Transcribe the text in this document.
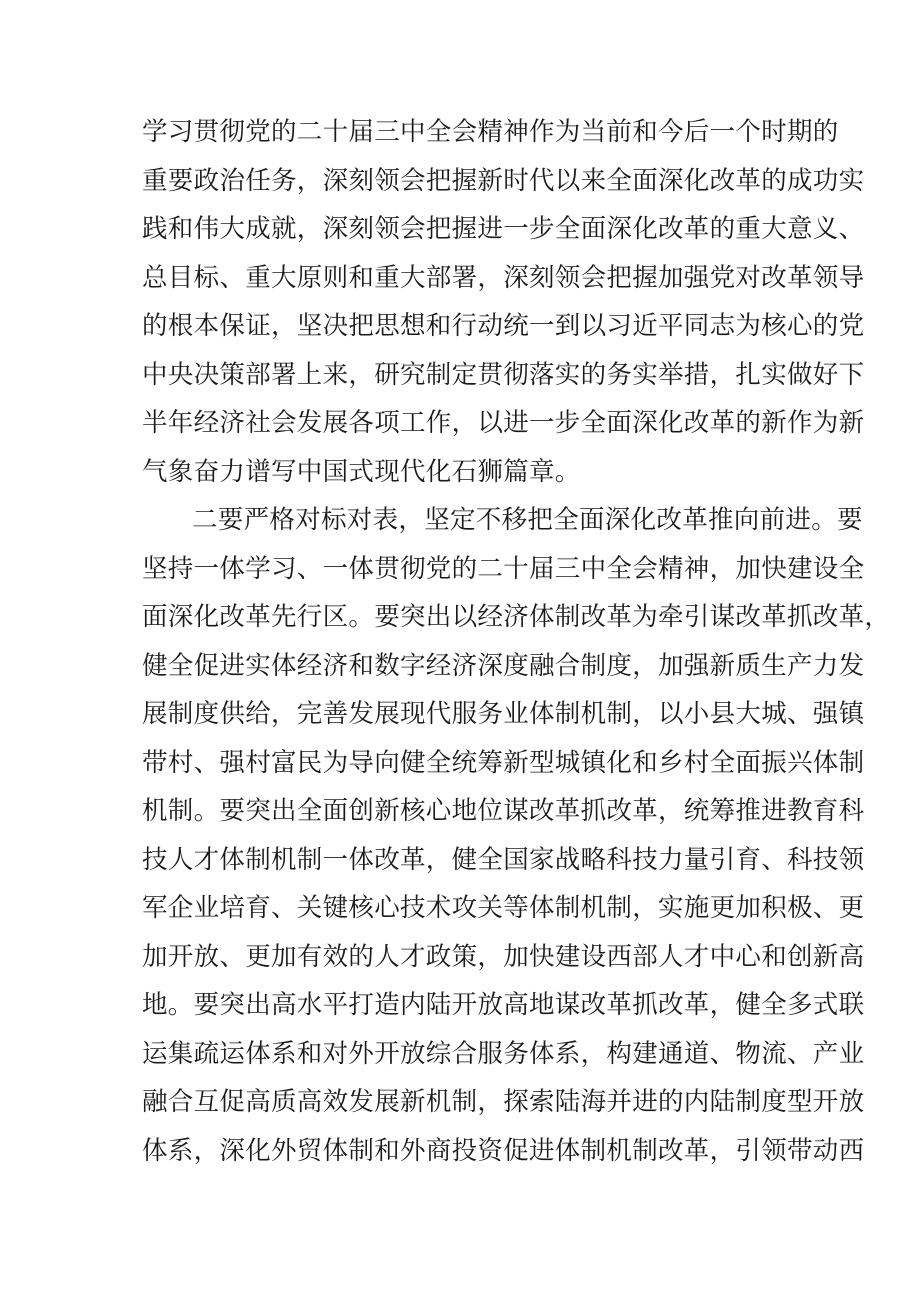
学习贯彻党的二十届三中全会精神作为当前和今后一个时期的
重要政治任务，深刻领会把握新时代以来全面深化改革的成功实
践和伟大成就，深刻领会把握进一步全面深化改革的重大意义、
总目标、重大原则和重大部署，深刻领会把握加强党对改革领导
的根本保证，坚决把思想和行动统一到以习近平同志为核心的党
中央决策部署上来，研究制定贯彻落实的务实举措，扎实做好下
半年经济社会发展各项工作，以进一步全面深化改革的新作为新
气象奋力谱写中国式现代化石狮篇章。
二要严格对标对表，坚定不移把全面深化改革推向前进。要
坚持一体学习、一体贯彻党的二十届三中全会精神，加快建设全
面深化改革先行区。要突出以经济体制改革为牵引谋改革抓改革，
健全促进实体经济和数字经济深度融合制度，加强新质生产力发
展制度供给，完善发展现代服务业体制机制，以小县大城、强镇
带村、强村富民为导向健全统筹新型城镇化和乡村全面振兴体制
机制。要突出全面创新核心地位谋改革抓改革，统筹推进教育科
技人才体制机制一体改革，健全国家战略科技力量引育、科技领
军企业培育、关键核心技术攻关等体制机制，实施更加积极、更
加开放、更加有效的人才政策，加快建设西部人才中心和创新高
地。要突出高水平打造内陆开放高地谋改革抓改革，健全多式联
运集疏运体系和对外开放综合服务体系，构建通道、物流、产业
融合互促高质高效发展新机制，探索陆海并进的内陆制度型开放
体系，深化外贸体制和外商投资促进体制机制改革，引领带动西
